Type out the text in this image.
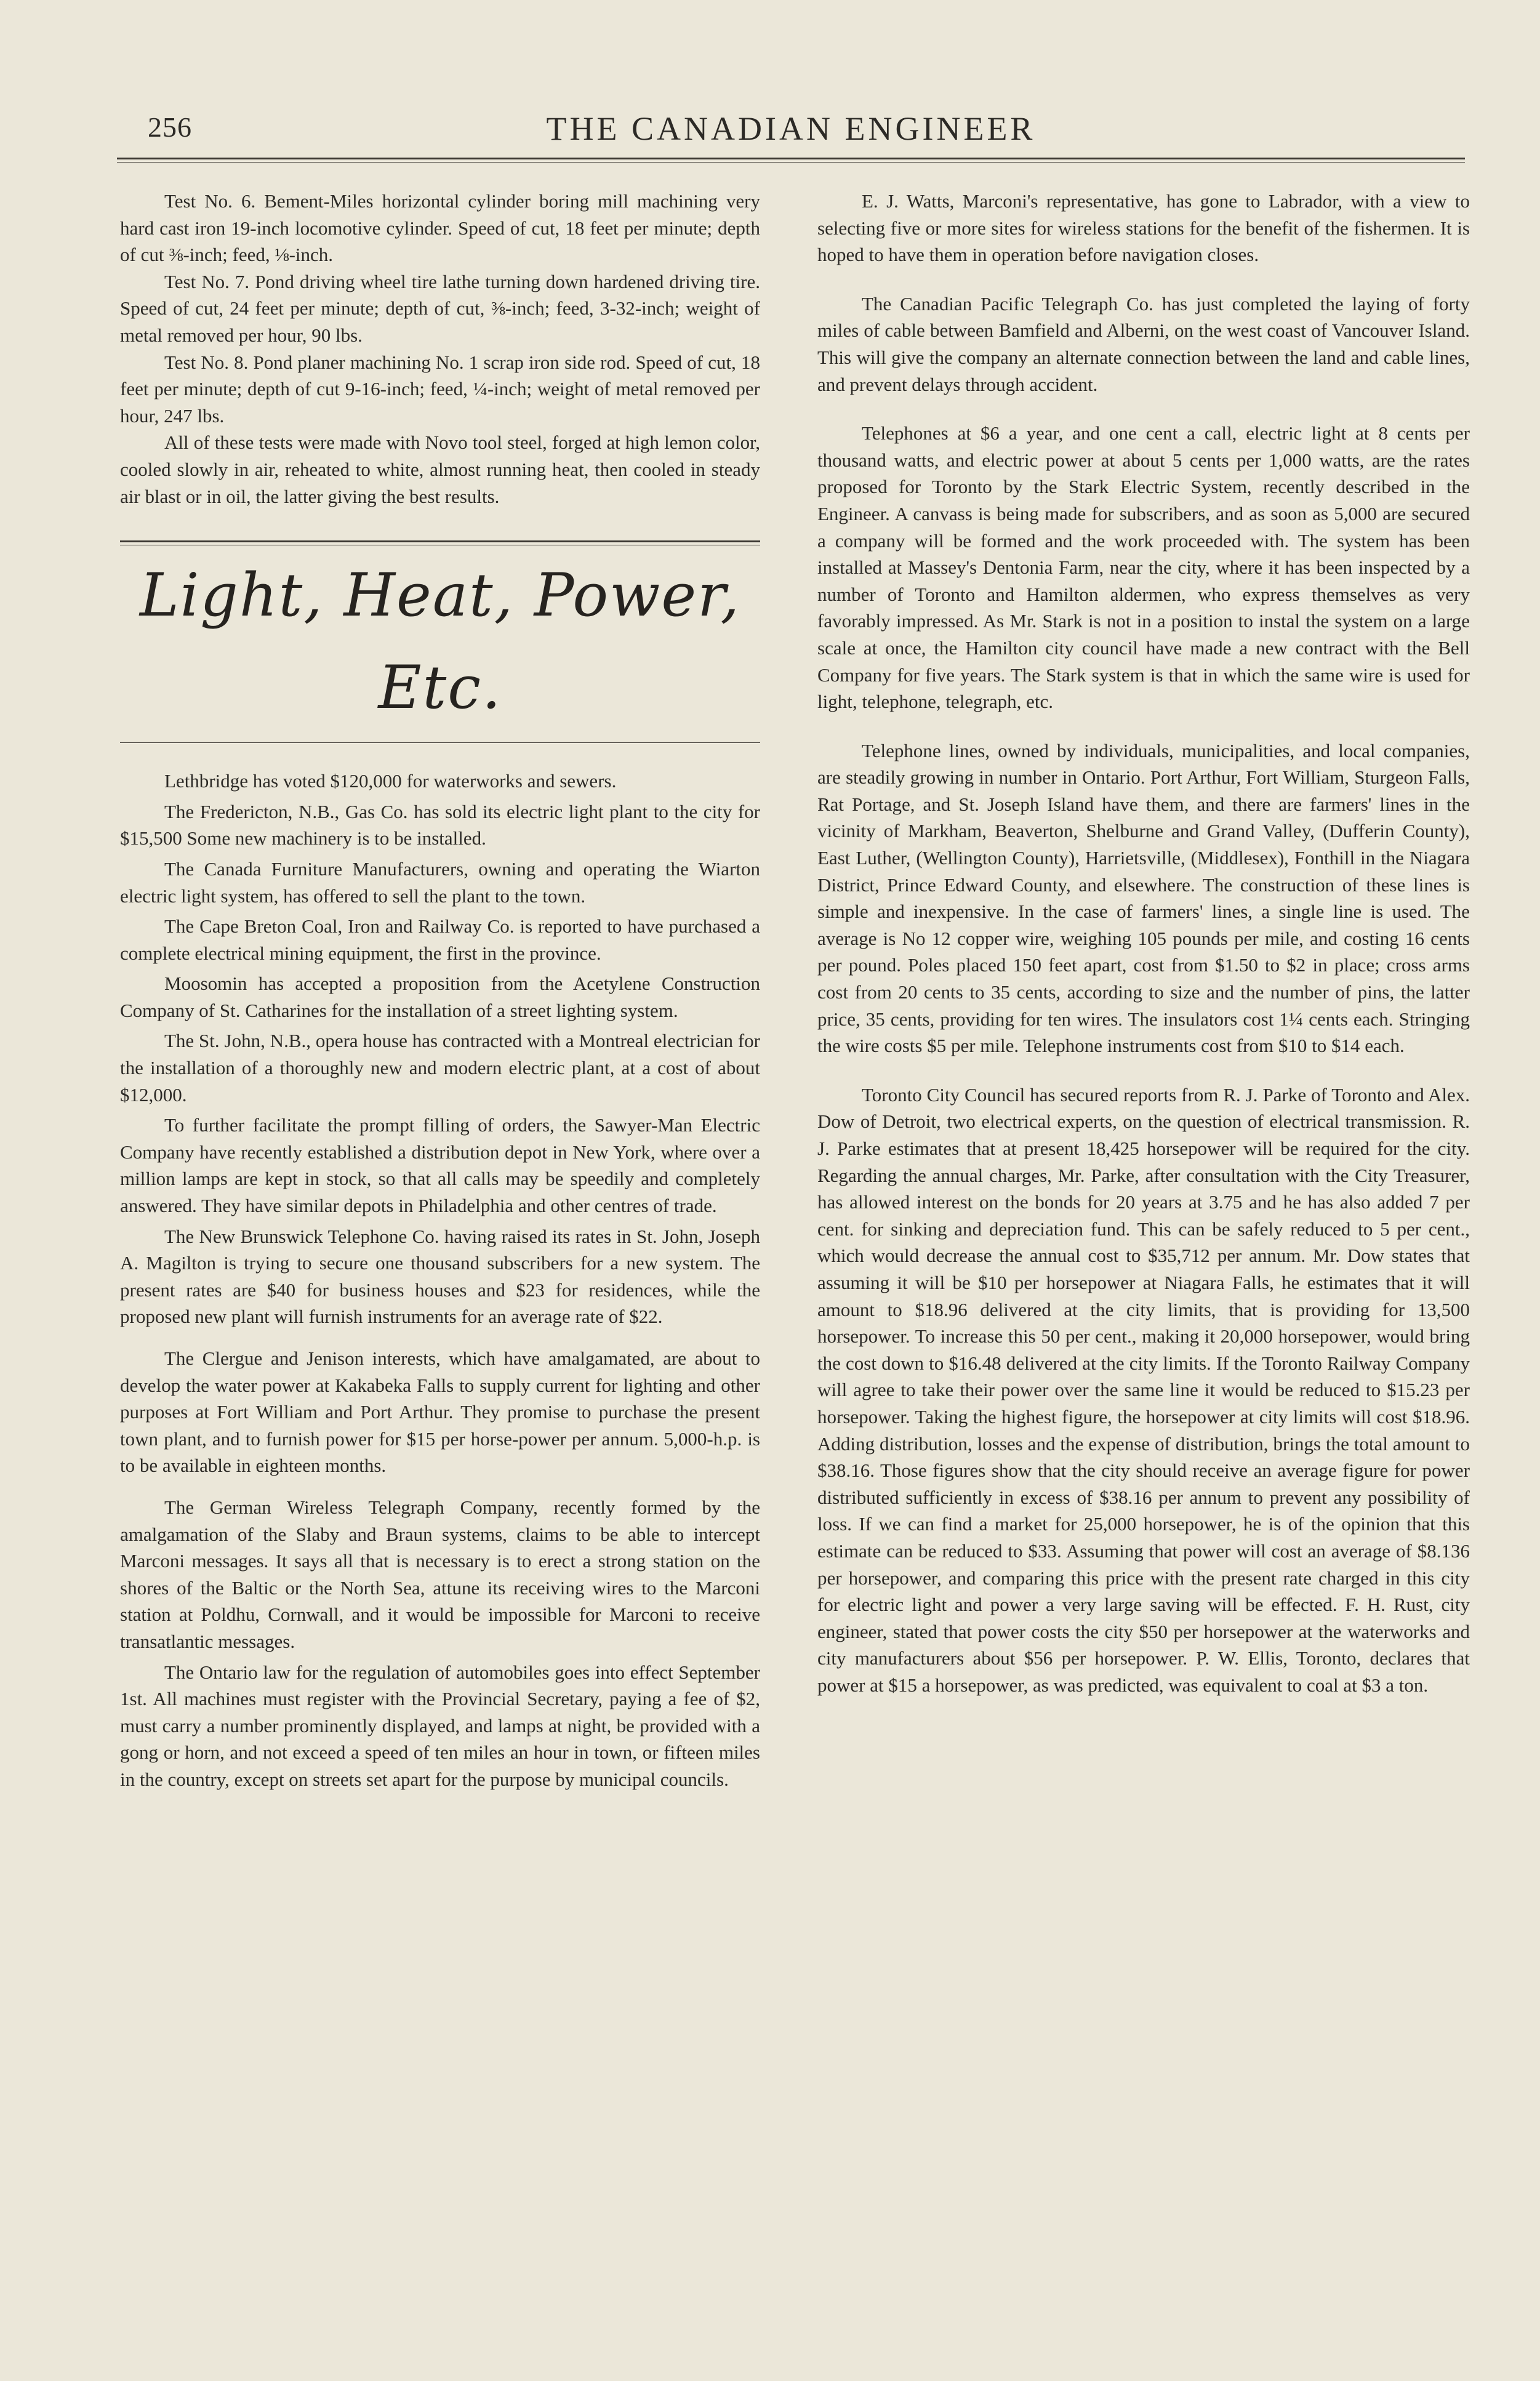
256	THE CANADIAN ENGINEER

Test No. 6. Bement-Miles horizontal cylinder boring mill machining very hard cast iron 19-inch locomotive cylinder. Speed of cut, 18 feet per minute; depth of cut ⅜-inch; feed, ⅛-inch.

Test No. 7. Pond driving wheel tire lathe turning down hardened driving tire. Speed of cut, 24 feet per minute; depth of cut, ⅜-inch; feed, 3-32-inch; weight of metal removed per hour, 90 lbs.

Test No. 8. Pond planer machining No. 1 scrap iron side rod. Speed of cut, 18 feet per minute; depth of cut 9-16-inch; feed, ¼-inch; weight of metal removed per hour, 247 lbs.

All of these tests were made with Novo tool steel, forged at high lemon color, cooled slowly in air, reheated to white, almost running heat, then cooled in steady air blast or in oil, the latter giving the best results.

Light, Heat, Power, Etc.

Lethbridge has voted $120,000 for waterworks and sewers.

The Fredericton, N.B., Gas Co. has sold its electric light plant to the city for $15,500 Some new machinery is to be installed.

The Canada Furniture Manufacturers, owning and operating the Wiarton electric light system, has offered to sell the plant to the town.

The Cape Breton Coal, Iron and Railway Co. is reported to have purchased a complete electrical mining equipment, the first in the province.

Moosomin has accepted a proposition from the Acetylene Construction Company of St. Catharines for the installation of a street lighting system.

The St. John, N.B., opera house has contracted with a Montreal electrician for the installation of a thoroughly new and modern electric plant, at a cost of about $12,000.

To further facilitate the prompt filling of orders, the Sawyer-Man Electric Company have recently established a distribution depot in New York, where over a million lamps are kept in stock, so that all calls may be speedily and completely answered. They have similar depots in Philadelphia and other centres of trade.

The New Brunswick Telephone Co. having raised its rates in St. John, Joseph A. Magilton is trying to secure one thousand subscribers for a new system. The present rates are $40 for business houses and $23 for residences, while the proposed new plant will furnish instruments for an average rate of $22.

The Clergue and Jenison interests, which have amalgamated, are about to develop the water power at Kakabeka Falls to supply current for lighting and other purposes at Fort William and Port Arthur. They promise to purchase the present town plant, and to furnish power for $15 per horse-power per annum. 5,000-h.p. is to be available in eighteen months.

The German Wireless Telegraph Company, recently formed by the amalgamation of the Slaby and Braun systems, claims to be able to intercept Marconi messages. It says all that is necessary is to erect a strong station on the shores of the Baltic or the North Sea, attune its receiving wires to the Marconi station at Poldhu, Cornwall, and it would be impossible for Marconi to receive transatlantic messages.

The Ontario law for the regulation of automobiles goes into effect September 1st. All machines must register with the Provincial Secretary, paying a fee of $2, must carry a number prominently displayed, and lamps at night, be provided with a gong or horn, and not exceed a speed of ten miles an hour in town, or fifteen miles in the country, except on streets set apart for the purpose by municipal councils.

E. J. Watts, Marconi's representative, has gone to Labrador, with a view to selecting five or more sites for wireless stations for the benefit of the fishermen. It is hoped to have them in operation before navigation closes.

The Canadian Pacific Telegraph Co. has just completed the laying of forty miles of cable between Bamfield and Alberni, on the west coast of Vancouver Island. This will give the company an alternate connection between the land and cable lines, and prevent delays through accident.

Telephones at $6 a year, and one cent a call, electric light at 8 cents per thousand watts, and electric power at about 5 cents per 1,000 watts, are the rates proposed for Toronto by the Stark Electric System, recently described in the Engineer. A canvass is being made for subscribers, and as soon as 5,000 are secured a company will be formed and the work proceeded with. The system has been installed at Massey's Dentonia Farm, near the city, where it has been inspected by a number of Toronto and Hamilton aldermen, who express themselves as very favorably impressed. As Mr. Stark is not in a position to instal the system on a large scale at once, the Hamilton city council have made a new contract with the Bell Company for five years. The Stark system is that in which the same wire is used for light, telephone, telegraph, etc.

Telephone lines, owned by individuals, municipalities, and local companies, are steadily growing in number in Ontario. Port Arthur, Fort William, Sturgeon Falls, Rat Portage, and St. Joseph Island have them, and there are farmers' lines in the vicinity of Markham, Beaverton, Shelburne and Grand Valley, (Dufferin County), East Luther, (Wellington County), Harrietsville, (Middlesex), Fonthill in the Niagara District, Prince Edward County, and elsewhere. The construction of these lines is simple and inexpensive. In the case of farmers' lines, a single line is used. The average is No 12 copper wire, weighing 105 pounds per mile, and costing 16 cents per pound. Poles placed 150 feet apart, cost from $1.50 to $2 in place; cross arms cost from 20 cents to 35 cents, according to size and the number of pins, the latter price, 35 cents, providing for ten wires. The insulators cost 1¼ cents each. Stringing the wire costs $5 per mile. Telephone instruments cost from $10 to $14 each.

Toronto City Council has secured reports from R. J. Parke of Toronto and Alex. Dow of Detroit, two electrical experts, on the question of electrical transmission. R. J. Parke estimates that at present 18,425 horsepower will be required for the city. Regarding the annual charges, Mr. Parke, after consultation with the City Treasurer, has allowed interest on the bonds for 20 years at 3.75 and he has also added 7 per cent. for sinking and depreciation fund. This can be safely reduced to 5 per cent., which would decrease the annual cost to $35,712 per annum. Mr. Dow states that assuming it will be $10 per horsepower at Niagara Falls, he estimates that it will amount to $18.96 delivered at the city limits, that is providing for 13,500 horsepower. To increase this 50 per cent., making it 20,000 horsepower, would bring the cost down to $16.48 delivered at the city limits. If the Toronto Railway Company will agree to take their power over the same line it would be reduced to $15.23 per horsepower. Taking the highest figure, the horsepower at city limits will cost $18.96. Adding distribution, losses and the expense of distribution, brings the total amount to $38.16. Those figures show that the city should receive an average figure for power distributed sufficiently in excess of $38.16 per annum to prevent any possibility of loss. If we can find a market for 25,000 horsepower, he is of the opinion that this estimate can be reduced to $33. Assuming that power will cost an average of $8.136 per horsepower, and comparing this price with the present rate charged in this city for electric light and power a very large saving will be effected. F. H. Rust, city engineer, stated that power costs the city $50 per horsepower at the waterworks and city manufacturers about $56 per horsepower. P. W. Ellis, Toronto, declares that power at $15 a horsepower, as was predicted, was equivalent to coal at $3 a ton.
